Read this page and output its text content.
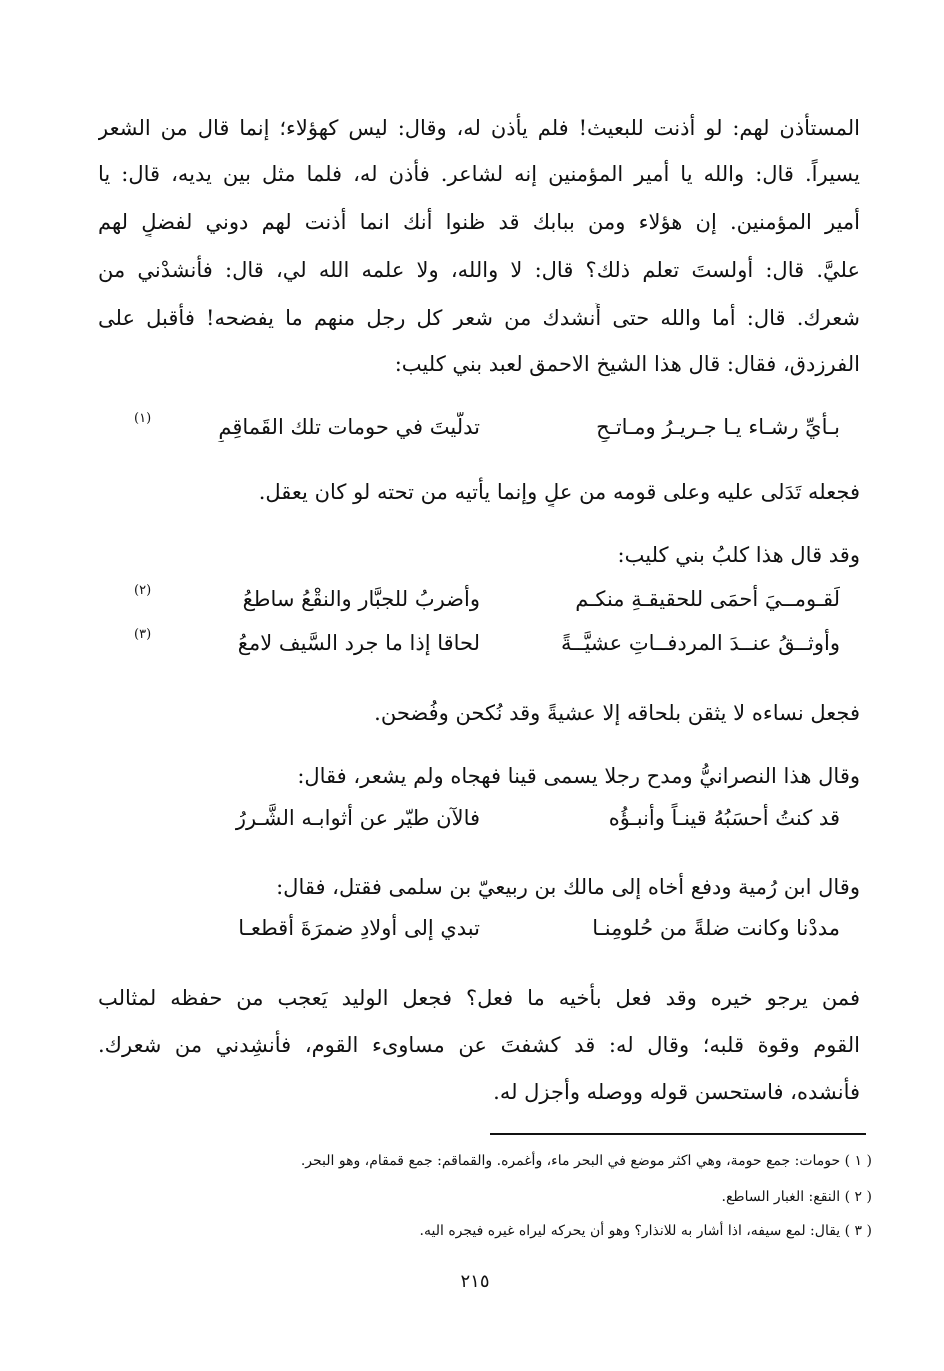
المستأذن لهم: لو أذنت للبعيث! فلم يأذن له، وقال: ليس كهؤلاء؛ إنما قال من الشعر
يسيراً. قال: والله يا أمير المؤمنين إنه لشاعر. فأذن له، فلما مثل بين يديه، قال: يا
أمير المؤمنين. إن هؤلاء ومن ببابك قد ظنوا أنك انما أذنت لهم دوني لفضلٍ لهم
عليَّ. قال: أولستَ تعلم ذلك؟ قال: لا والله، ولا علمه الله لي، قال: فأنشدْني من
شعرك. قال: أما والله حتى أُنشدك من شعر كل رجل منهم ما يفضحه! فأقبل على
الفرزدق، فقال: قال هذا الشيخ الاحمق لعبد بني كليب:
بـأيِّ رشـاء يـا جـريـرُ ومـاتـحٍ
تدلَّيتَ في حومات تلك القَماقِمِ
(١)
فجعله تَدَلى عليه وعلى قومه من علٍ وإنما يأتيه من تحته لو كان يعقل.
وقد قال هذا كلبُ بني كليب:
لَقـومــيَ أحمَى للحقيقـةِ منكـم
وأضربُ للجبَّار والنقْعُ ساطعُ
(٢)
وأوثــقُ عنــدَ المردفــاتِ عشيَّــةً
لحاقا إذا ما جرد السَّيف لامعُ
(٣)
فجعل نساءه لا يثقن بلحاقه إلا عشيةً وقد نُكحن وفُضحن.
وقال هذا النصرانيُّ ومدح رجلا يسمى قينا فهجاه ولم يشعر، فقال:
قد كنتُ أحسَبُهُ قينـاً وأنبـؤُه
فالآن طيّر عن أثوابـه الشَّـررُ
وقال ابن رُمية ودفع أخاه إلى مالك بن ربيعيّ بن سلمى فقتل، فقال:
مددْنا وكانت ضلةً من حُلومِنـا
تبدي إلى أولادِ ضمرَةَ أقطعـا
فمن يرجو خيره وقد فعل بأخيه ما فعل؟ فجعل الوليد يَعجب من حفظه لمثالب
القوم وقوة قلبه؛ وقال له: قد كشفتَ عن مساوىء القوم، فأنشِدني من شعرك.
فأنشده، فاستحسن قوله ووصله وأجزل له.
( ١ ) حومات: جمع حومة، وهي اكثر موضع في البحر ماء، وأغمره. والقماقم: جمع قمقام، وهو البحر.
( ٢ ) النقع: الغبار الساطع.
( ٣ ) يقال: لمع سيفه، اذا أشار به للانذار؟ وهو أن يحركه ليراه غيره فيجره اليه.
٢١٥
